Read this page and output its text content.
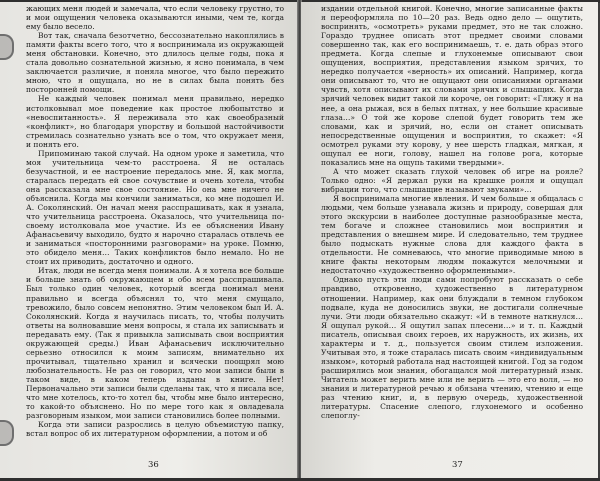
жающих меня людей и замечала, что если человеку грустно, то и мои ощущения человека оказываются иными, чем те, когда ему было весело.

Вот так, сначала безотчетно, бессознательно накоплялись в памяти факты всего того, что я воспринимала из окружающей меня обстановки. Конечно, это длилось целые годы, пока я стала довольно сознательной жизнью, я ясно понимала, в чем заключается различие, я поняла многое, что было пережито мною, что я ощущала, но не в силах была понять без посторонней помощи.

Не каждый человек понимал меня правильно, нередко истолковывал мое поведение как простое любопытство и «невоспитанность». Я переживала это как своеобразный «конфликт», но благодаря упорству и большой настойчивости стремилась сознательно узнать все о том, что окружает меня, и понять его.

Припоминаю такой случай. На одном уроке я заметила, что моя учительница чем-то расстроена. Я не осталась безучастной, и ее настроение передалось мне. Я, как могла, старалась передать ей свое сочувствие и очень хотела, чтобы она рассказала мне свое состояние. Но она мне ничего не объяснила. Когда мы кончили заниматься, ко мне подошел И. А. Соколянский. Он начал меня расспрашивать, как я узнала, что учительница расстроена. Оказалось, что учительница по-своему истолковала мое участие. Из ее объяснения Ивану Афанасьевичу выходило, будто я нарочно старалась отвлечь ее и заниматься «посторонними разговорами» на уроке. Помню, это обидело меня… Таких конфликтов было немало. Но не стоит их приводить, достаточно и одного.

Итак, люди не всегда меня понимали. А я хотела все больше и больше знать об окружающем и обо всем расспрашивала. Был только один человек, который всегда понимал меня правильно и всегда объяснял то, что меня смущало, тревожило, было совсем непонятно. Этим человеком был И. А. Соколянский. Когда я научилась писать, то, чтобы получить ответы на волновавшие меня вопросы, я стала их записывать и передавать ему. (Так я привыкла записывать свои восприятия окружающей среды.) Иван Афанасьевич исключительно серьезно относился к моим записям, внимательно их прочитывал, тщательно хранил и всячески поощрял мою любознательность. Не раз он говорил, что мои записи были в таком виде, в каком теперь изданы в книге. Нет! Первоначально эти записи были сделаны так, что я писала все, что мне хотелось, кто-то хотел бы, чтобы мне было интересно, то какой-то объяснено. Но по мере того как я овладевала разговорным языком, мои записи становились более полными.

Когда эти записи разрослись в целую объемистую папку, встал вопрос об их литературном оформлении, а потом и об

36

издании отдельной книгой. Конечно, многие записанные факты я переоформляла по 10—20 раз. Ведь одно дело — ощутить, воспринять, «осмотреть» руками предмет, это не так сложно. Гораздо труднее описать этот предмет своими словами совершенно так, как его воспринимаешь, т. е. дать образ этого предмета. Когда слепые и глухонемые описывают свои ощущения, восприятия, представления языком зрячих, то нередко получается «верность» их описаний. Например, когда они описывают то, что не ощущают они описаниями органами чувств, хотя описывают их словами зрячих и слышащих. Когда зрячий человек видит такой ли короче, он говорит: «Гляжу я на нее, а она рыжая, вся в белых пятнах, у нее большие красивые глаза…» О той же корове слепой будет говорить тем же словами, как и зрячий, но, если он станет описывать непосредственные ощущения и восприятия, то скажет: «Я осмотрел руками эту корову, у нее шерсть гладкая, мягкая, я ощупал ее ноги, голову, нашел на голове рога, которые показались мне на ощупь такими твердыми».

А что может сказать глухой человек об игре на рояле? Только одно: «Я держал руки на крышке рояля и ощущал вибрации того, что слышащие называют звуками»…

Я воспринимала многие явления. И чем больше я общалась с людьми, чем больше узнавала жизнь и природу, совершая для этого экскурсии в наиболее доступные разнообразные места, тем богаче и сложнее становились мои восприятия и представления о внешнем мире. И следовательно, тем труднее было подыскать нужные слова для каждого факта в отдельности. Не сомневаюсь, что многие приводимые мною в книге факты некоторым людям покажутся мелочными и недостаточно «художественно оформленными».

Однако пусть эти люди сами попробуют рассказать о себе правдиво, откровенно, художественно в литературном отношении. Например, как они блуждали в темном глубоком подвале, куда не доносились звуки, не достигали солнечные лучи. Эти люди обязательно скажут: «И в темноте наткнулся… Я ощупал рукой… Я ощутил запах плесени…» и т. п. Каждый писатель, описывая своих героев, их наружность, их жизнь, их характеры и т. д., пользуется своим стилем изложения. Учитывая это, я тоже старалась писать своим «индивидуальным языком», который работала над настоящей книгой. Год за годом расширялись мои знания, обогащался мой литературный язык. Читатель может верить мне или не верить — это его воля, — но знания и литературной речью я обязана чтению, чтению и еще раз чтению книг, и, в первую очередь, художественной литературы. Спасение слепого, глухонемого и особенно слепоглу-

37
